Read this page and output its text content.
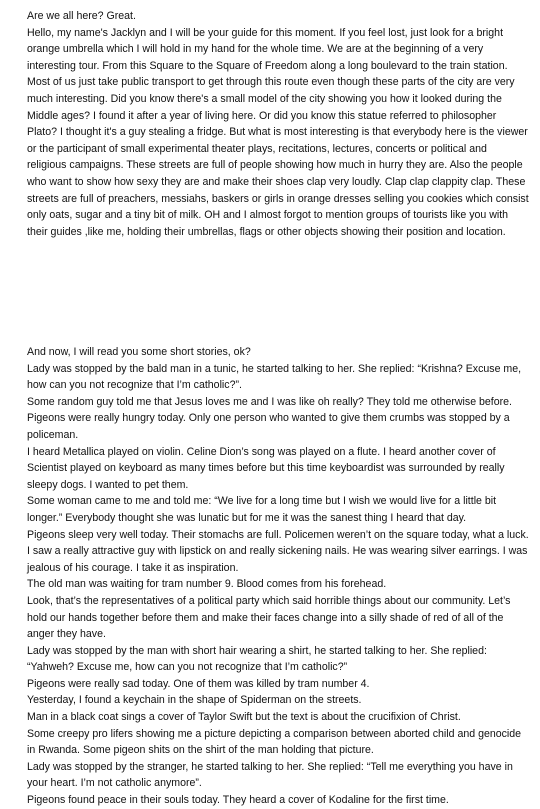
Are we all here? Great.

Hello, my name's Jacklyn and I will be your guide for this moment. If you feel lost, just look for a bright orange umbrella which I will hold in my hand for the whole time. We are at the beginning of a very interesting tour. From this Square to the Square of Freedom along a long boulevard to the train station. Most of us just take public transport to get through this route even though these parts of the city are very much interesting. Did you know there's a small model of the city showing you how it looked during the Middle ages? I found it after a year of living here. Or did you know this statue referred to philosopher Plato? I thought it's a guy stealing a fridge. But what is most interesting is that everybody here is the viewer or the participant of small experimental theater plays, recitations, lectures, concerts or political and religious campaigns. These streets are full of people showing how much in hurry they are. Also the people who want to show how sexy they are and make their shoes clap very loudly. Clap clap clappity clap. These streets are full of preachers, messiahs, baskers or girls in orange dresses selling you cookies which consist only oats, sugar and a tiny bit of milk. OH and I almost forgot to mention groups of tourists like you with their guides ,like me, holding their umbrellas, flags or other objects showing their position and location.

And now, I will read you some short stories, ok?

Lady was stopped by the bald man in a tunic, he started talking to her. She replied: “Krishna? Excuse me, how can you not recognize that I’m catholic?”.

Some random guy told me that Jesus loves me and I was like oh really? They told me otherwise before.

Pigeons were really hungry today. Only one person who wanted to give them crumbs was stopped by a policeman.

I heard Metallica played on violin. Celine Dion’s song was played on a flute. I heard another cover of Scientist played on keyboard as many times before but this time keyboardist was surrounded by really sleepy dogs. I wanted to pet them.

Some woman came to me and told me: “We live for a long time but I wish we would live for a little bit longer.” Everybody thought she was lunatic but for me it was the sanest thing I heard that day.

Pigeons sleep very well today. Their stomachs are full. Policemen weren’t on the square today, what a luck.

I saw a really attractive guy with lipstick on and really sickening nails. He was wearing silver earrings. I was jealous of his courage. I take it as inspiration.

The old man was waiting for tram number 9. Blood comes from his forehead.

Look, that’s the representatives of a political party which said horrible things about our community. Let’s hold our hands together before them and make their faces change into a silly shade of red of all of the anger they have.

Lady was stopped by the man with short hair wearing a shirt, he started talking to her. She replied: “Yahweh? Excuse me, how can you not recognize that I’m catholic?”

Pigeons were really sad today. One of them was killed by tram number 4.

Yesterday, I found a keychain in the shape of Spiderman on the streets.

Man in a black coat sings a cover of Taylor Swift but the text is about the crucifixion of Christ.

Some creepy pro lifers showing me a picture depicting a comparison between aborted child and genocide in Rwanda. Some pigeon shits on the shirt of the man holding that picture.

Lady was stopped by the stranger, he started talking to her. She replied: “Tell me everything you have in your heart. I’m not catholic anymore”.

Pigeons found peace in their souls today. They heard a cover of Kodaline for the first time.
